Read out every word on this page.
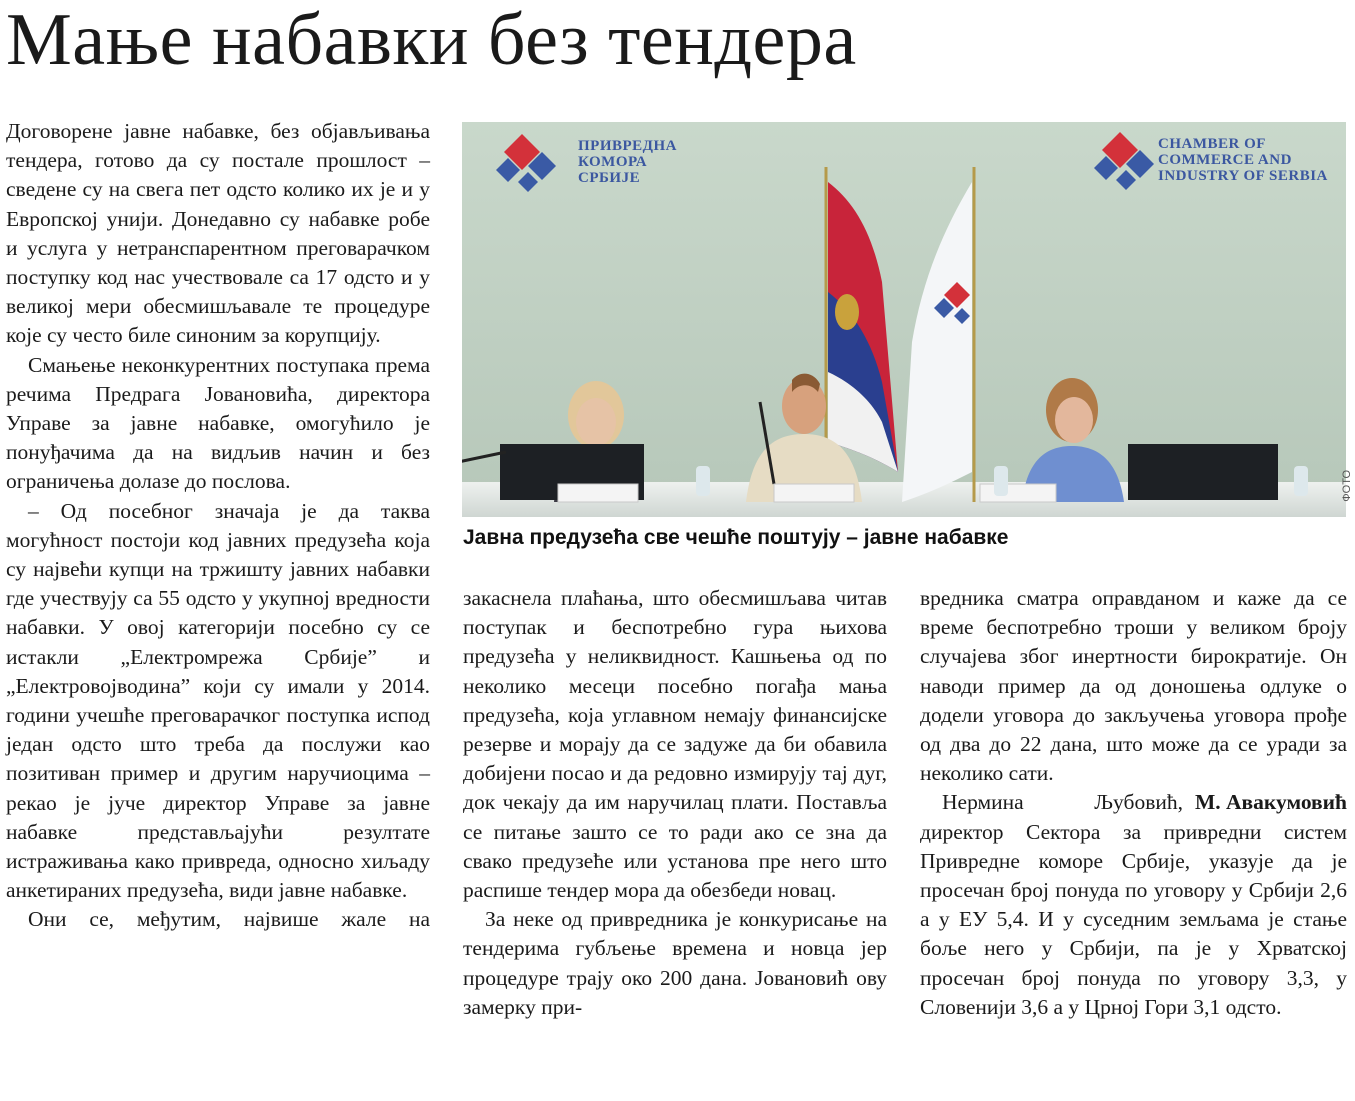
Мање набавки без тендера

Договорене јавне набавке, без објављивања тендера, готово да су постале прошлост – сведене су на свега пет одсто колико их је и у Европској унији. Донедавно су набавке робе и услуга у нетранспарентном преговарачком поступку код нас учествовале са 17 одсто и у великој мери обесмишљавале те процедуре које су често биле синоним за корупцију.

Смањење неконкурентних поступака према речима Предрага Јовановића, директора Управе за јавне набавке, омогућило је понуђачима да на видљив начин и без ограничења долазе до послова.

– Од посебног значаја је да таква могућност постоји код јавних предузећа која су највећи купци на тржишту јавних набавки где учествују са 55 одсто у укупној вредности набавки. У овој категорији посебно су се истакли „Електромрежа Србије” и „Електровојводина” који су имали у 2014. години учешће преговарачког поступка испод један одсто што треба да послужи као позитиван пример и другим наручиоцима – рекао је јуче директор Управе за јавне набавке представљајући резултате истраживања како привреда, односно хиљаду анкетираних предузећа, види јавне набавке.

Они се, међутим, највише жале на

ПРИВРЕДНА
КОМОРА
СРБИЈЕ
CHAMBER OF
COMMERCE AND
INDUSTRY OF SERBIA
ФОТО
Јавна предузећа све чешће поштују – јавне набавке

закаснела плаћања, што обесмишљава читав поступак и беспотребно гура њихова предузећа у неликвидност. Кашњења од по неколико месеци посебно погађа мања предузећа, која углавном немају финансијске резерве и морају да се задуже да би обавила добијени посао и да редовно измирују тај дуг, док чекају да им наручилац плати. Поставља се питање зашто се то ради ако се зна да свако предузеће или установа пре него што распише тендер мора да обезбеди новац.

За неке од привредника је конкурисање на тендерима губљење времена и новца јер процедуре трају око 200 дана. Јовановић ову замерку при-

вредника сматра оправданом и каже да се време беспотребно троши у великом броју случајева због инертности бирократије. Он наводи пример да од доношења одлуке о додели уговора до закључења уговора прође од два до 22 дана, што може да се уради за неколико сати.

М. Авакумовић
Нермина Љубовић, директор Сектора за привредни систем Привредне коморе Србије, указује да је просечан број понуда по уговору у Србији 2,6 а у ЕУ 5,4. И у суседним земљама је стање боље него у Србији, па је у Хрватској просечан број понуда по уговору 3,3, у Словенији 3,6 а у Црној Гори 3,1 одсто.
